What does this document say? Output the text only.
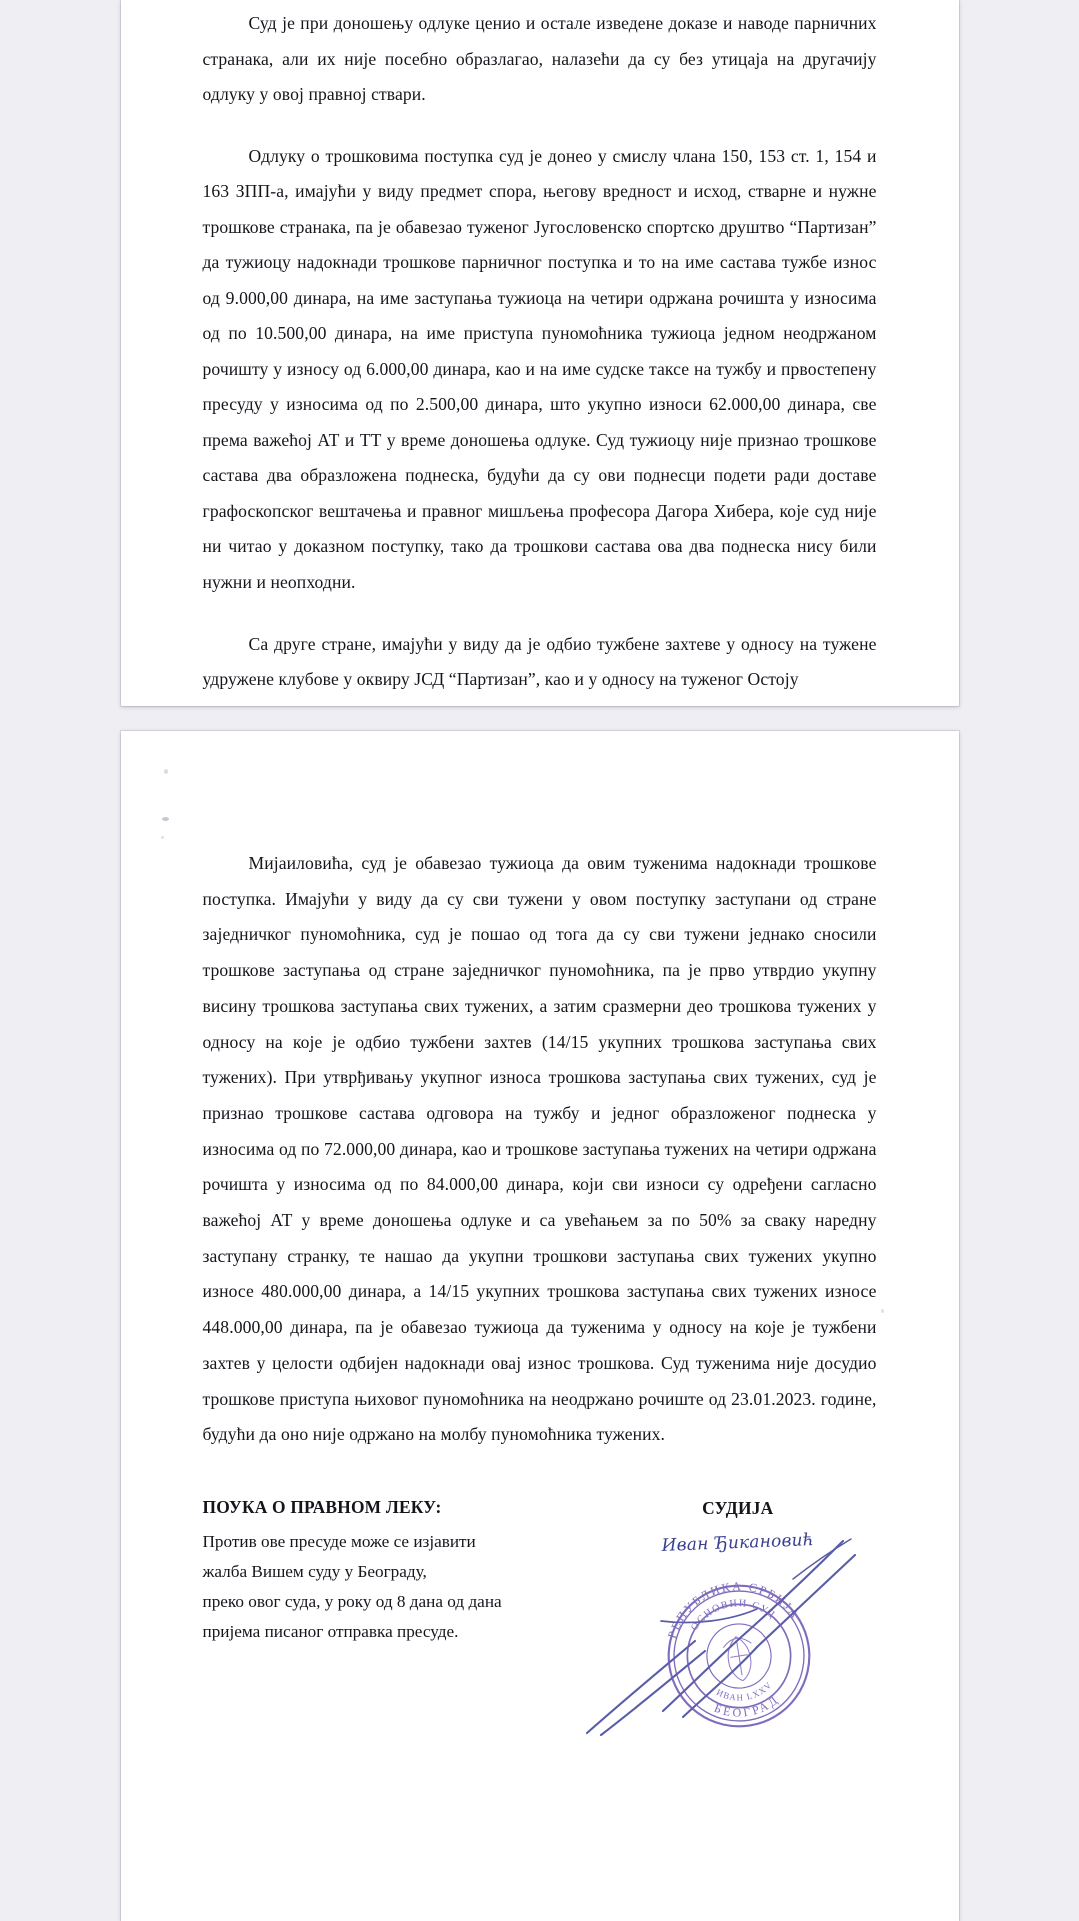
Суд је при доношењу одлуке ценио и остале изведене доказе и наводе парничних странака, али их није посебно образлагао, налазећи да су без утицаја на другачију одлуку у овој правној ствари.

Одлуку о трошковима поступка суд је донео у смислу члана 150, 153 ст. 1, 154 и 163 ЗПП-а, имајући у виду предмет спора, његову вредност и исход, стварне и нужне трошкове странака, па је обавезао туженог Југословенско спортско друштво “Партизан” да тужиоцу надокнади трошкове парничног поступка и то на име састава тужбе износ од 9.000,00 динара, на име заступања тужиоца на четири одржана рочишта у износима од по 10.500,00 динара, на име приступа пуномоћника тужиоца једном неодржаном рочишту у износу од 6.000,00 динара, као и на име судске таксе на тужбу и првостепену пресуду у износима од по 2.500,00 динара, што укупно износи 62.000,00 динара, све према важећој АТ и ТТ у време доношења одлуке. Суд тужиоцу није признао трошкове састава два образложена поднеска, будући да су ови поднесци подети ради доставе графоскопског вештачења и правног мишљења професора Дагора Хибера, које суд није ни читао у доказном поступку, тако да трошкови састава ова два поднеска нису били нужни и неопходни.

Са друге стране, имајући у виду да је одбио тужбене захтеве у односу на тужене удружене клубове у оквиру ЈСД “Партизан”, као и у односу на туженог Остоју

Мијаиловића, суд је обавезао тужиоца да овим туженима надокнади трошкове поступка. Имајући у виду да су сви тужени у овом поступку заступани од стране заједничког пуномоћника, суд је пошао од тога да су сви тужени једнако сносили трошкове заступања од стране заједничког пуномоћника, па је прво утврдио укупну висину трошкова заступања свих тужених, а затим сразмерни део трошкова тужених у односу на које је одбио тужбени захтев (14/15 укупних трошкова заступања свих тужених). При утврђивању укупног износа трошкова заступања свих тужених, суд је признао трошкове састава одговора на тужбу и једног образложеног поднеска у износима од по 72.000,00 динара, као и трошкове заступања тужених на четири одржана рочишта у износима од по 84.000,00 динара, који сви износи су одређени сагласно важећој АТ у време доношења одлуке и са увећањем за по 50% за сваку наредну заступану странку, те нашао да укупни трошкови заступања свих тужених укупно износе 480.000,00 динара, а 14/15 укупних трошкова заступања свих тужених износе 448.000,00 динара, па је обавезао тужиоца да туженима у односу на које је тужбени захтев у целости одбијен надокнади овај износ трошкова. Суд туженима није досудио трошкове приступа њиховог пуномоћника на неодржано рочиште од 23.01.2023. године, будући да оно није одржано на молбу пуномоћника тужених.

ПОУКА О ПРАВНОМ ЛЕКУ:
Против ове пресуде може се изјавити
жалба Вишем суду у Београду,
преко овог суда, у року од 8 дана од дана
пријема писаног отправка пресуде.
СУДИЈА
Иван Ђикановић
РЕПУБЛИКА СРБИЈА
БЕОГРАД
ОСНОВНИ СУД
ИВАН LXXV
